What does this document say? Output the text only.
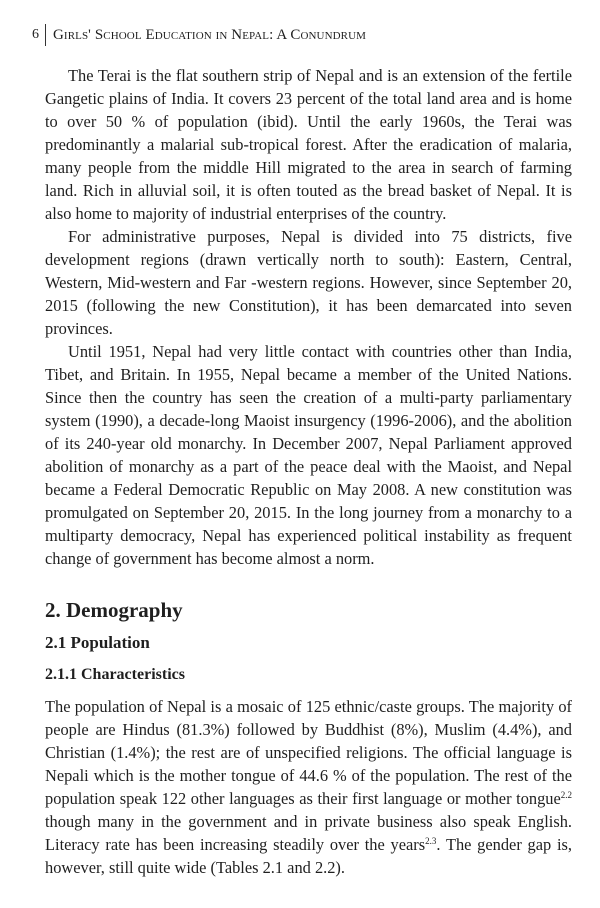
6 Girls' School Education in Nepal: A Conundrum

The Terai is the flat southern strip of Nepal and is an extension of the fertile Gangetic plains of India. It covers 23 percent of the total land area and is home to over 50 % of population (ibid). Until the early 1960s, the Terai was predominantly a malarial sub-tropical forest. After the eradication of malaria, many people from the middle Hill migrated to the area in search of farming land. Rich in alluvial soil, it is often touted as the bread basket of Nepal. It is also home to majority of industrial enterprises of the country.

For administrative purposes, Nepal is divided into 75 districts, five development regions (drawn vertically north to south): Eastern, Central, Western, Mid-western and Far -western regions. However, since September 20, 2015 (following the new Constitution), it has been demarcated into seven provinces.

Until 1951, Nepal had very little contact with countries other than India, Tibet, and Britain. In 1955, Nepal became a member of the United Nations. Since then the country has seen the creation of a multi-party parliamentary system (1990), a decade-long Maoist insurgency (1996-2006), and the abolition of its 240-year old monarchy. In December 2007, Nepal Parliament approved abolition of monarchy as a part of the peace deal with the Maoist, and Nepal became a Federal Democratic Republic on May 2008. A new constitution was promulgated on September 20, 2015. In the long journey from a monarchy to a multiparty democracy, Nepal has experienced political instability as frequent change of government has become almost a norm.

2. Demography
2.1 Population
2.1.1 Characteristics

The population of Nepal is a mosaic of 125 ethnic/caste groups. The majority of people are Hindus (81.3%) followed by Buddhist (8%), Muslim (4.4%), and Christian (1.4%); the rest are of unspecified religions. The official language is Nepali which is the mother tongue of 44.6 % of the population. The rest of the population speak 122 other languages as their first language or mother tongue$^{2.2}$ though many in the government and in private business also speak English. Literacy rate has been increasing steadily over the years$^{2.3}$. The gender gap is, however, still quite wide (Tables 2.1 and 2.2).
